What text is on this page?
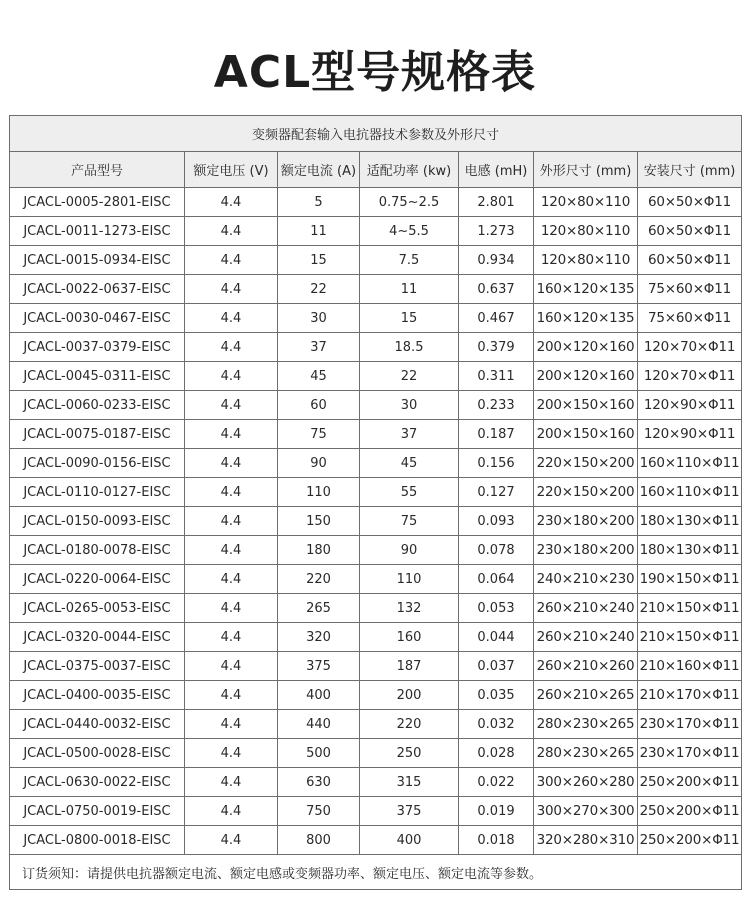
ACL型号规格表
变频器配套输入电抗器技术参数及外形尺寸						
产品型号	额定电压 (V)	额定电流 (A)	适配功率 (kw)	电感 (mH)	外形尺寸 (mm)	安装尺寸 (mm)
JCACL-0005-2801-EISC	4.4	5	0.75~2.5	2.801	120×80×110	60×50×Φ11
JCACL-0011-1273-EISC	4.4	11	4~5.5	1.273	120×80×110	60×50×Φ11
JCACL-0015-0934-EISC	4.4	15	7.5	0.934	120×80×110	60×50×Φ11
JCACL-0022-0637-EISC	4.4	22	11	0.637	160×120×135	75×60×Φ11
JCACL-0030-0467-EISC	4.4	30	15	0.467	160×120×135	75×60×Φ11
JCACL-0037-0379-EISC	4.4	37	18.5	0.379	200×120×160	120×70×Φ11
JCACL-0045-0311-EISC	4.4	45	22	0.311	200×120×160	120×70×Φ11
JCACL-0060-0233-EISC	4.4	60	30	0.233	200×150×160	120×90×Φ11
JCACL-0075-0187-EISC	4.4	75	37	0.187	200×150×160	120×90×Φ11
JCACL-0090-0156-EISC	4.4	90	45	0.156	220×150×200	160×110×Φ11
JCACL-0110-0127-EISC	4.4	110	55	0.127	220×150×200	160×110×Φ11
JCACL-0150-0093-EISC	4.4	150	75	0.093	230×180×200	180×130×Φ11
JCACL-0180-0078-EISC	4.4	180	90	0.078	230×180×200	180×130×Φ11
JCACL-0220-0064-EISC	4.4	220	110	0.064	240×210×230	190×150×Φ11
JCACL-0265-0053-EISC	4.4	265	132	0.053	260×210×240	210×150×Φ11
JCACL-0320-0044-EISC	4.4	320	160	0.044	260×210×240	210×150×Φ11
JCACL-0375-0037-EISC	4.4	375	187	0.037	260×210×260	210×160×Φ11
JCACL-0400-0035-EISC	4.4	400	200	0.035	260×210×265	210×170×Φ11
JCACL-0440-0032-EISC	4.4	440	220	0.032	280×230×265	230×170×Φ11
JCACL-0500-0028-EISC	4.4	500	250	0.028	280×230×265	230×170×Φ11
JCACL-0630-0022-EISC	4.4	630	315	0.022	300×260×280	250×200×Φ11
JCACL-0750-0019-EISC	4.4	750	375	0.019	300×270×300	250×200×Φ11
JCACL-0800-0018-EISC	4.4	800	400	0.018	320×280×310	250×200×Φ11
订货须知：请提供电抗器额定电流、额定电感或变频器功率、额定电压、额定电流等参数。						
